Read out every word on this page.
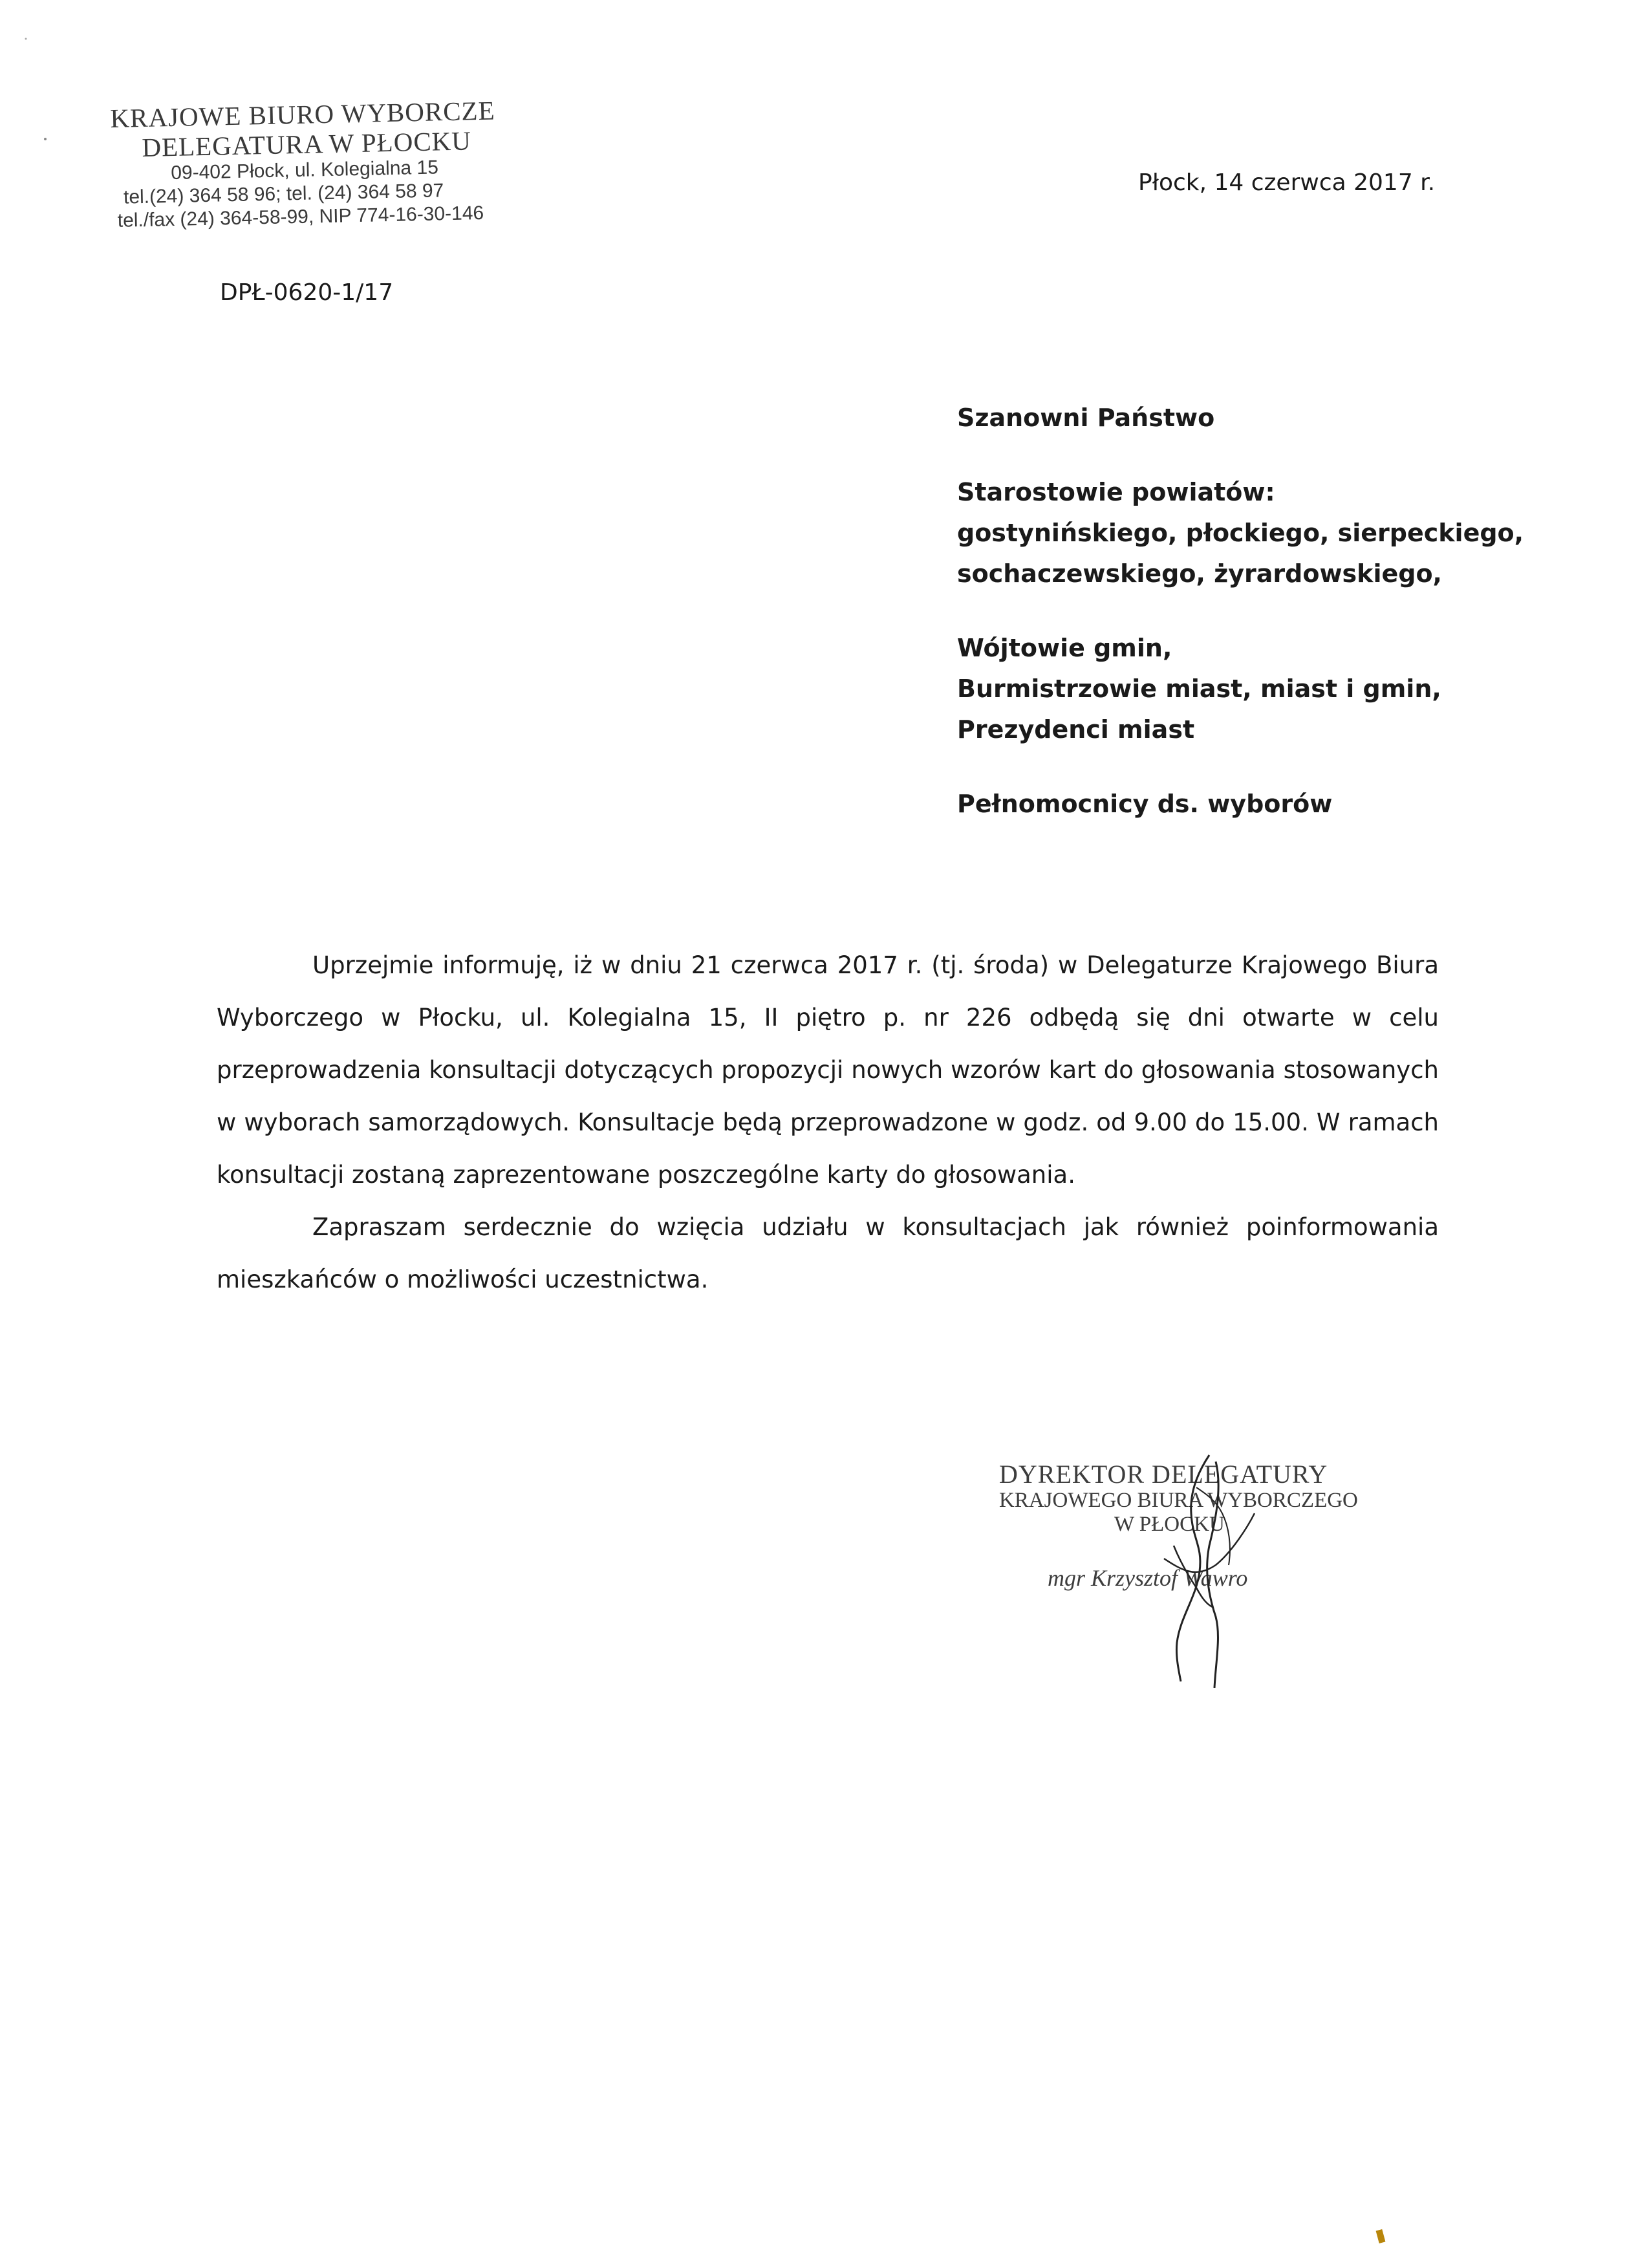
KRAJOWE BIURO WYBORCZE
DELEGATURA W PŁOCKU
09-402 Płock, ul. Kolegialna 15
tel.(24) 364 58 96; tel. (24) 364 58 97
tel./fax (24) 364-58-99, NIP 774-16-30-146
Płock, 14 czerwca 2017 r.
DPŁ-0620-1/17
Szanowni Państwo
Starostowie powiatów:
gostynińskiego, płockiego, sierpeckiego,
sochaczewskiego, żyrardowskiego,
Wójtowie gmin,
Burmistrzowie miast, miast i gmin,
Prezydenci miast
Pełnomocnicy ds. wyborów

Uprzejmie informuję, iż w dniu 21 czerwca 2017 r. (tj. środa) w Delegaturze Krajowego Biura Wyborczego w Płocku, ul. Kolegialna 15, II piętro p. nr 226 odbędą się dni otwarte w celu przeprowadzenia konsultacji dotyczących propozycji nowych wzorów kart do głosowania stosowanych w wyborach samorządowych. Konsultacje będą przeprowadzone w godz. od 9.00 do 15.00. W ramach konsultacji zostaną zaprezentowane poszczególne karty do głosowania.

Zapraszam serdecznie do wzięcia udziału w konsultacjach jak również poinformowania mieszkańców o możliwości uczestnictwa.

DYREKTOR DELEGATURY
KRAJOWEGO BIURA WYBORCZEGO
W PŁOCKU
mgr Krzysztof Wawro
